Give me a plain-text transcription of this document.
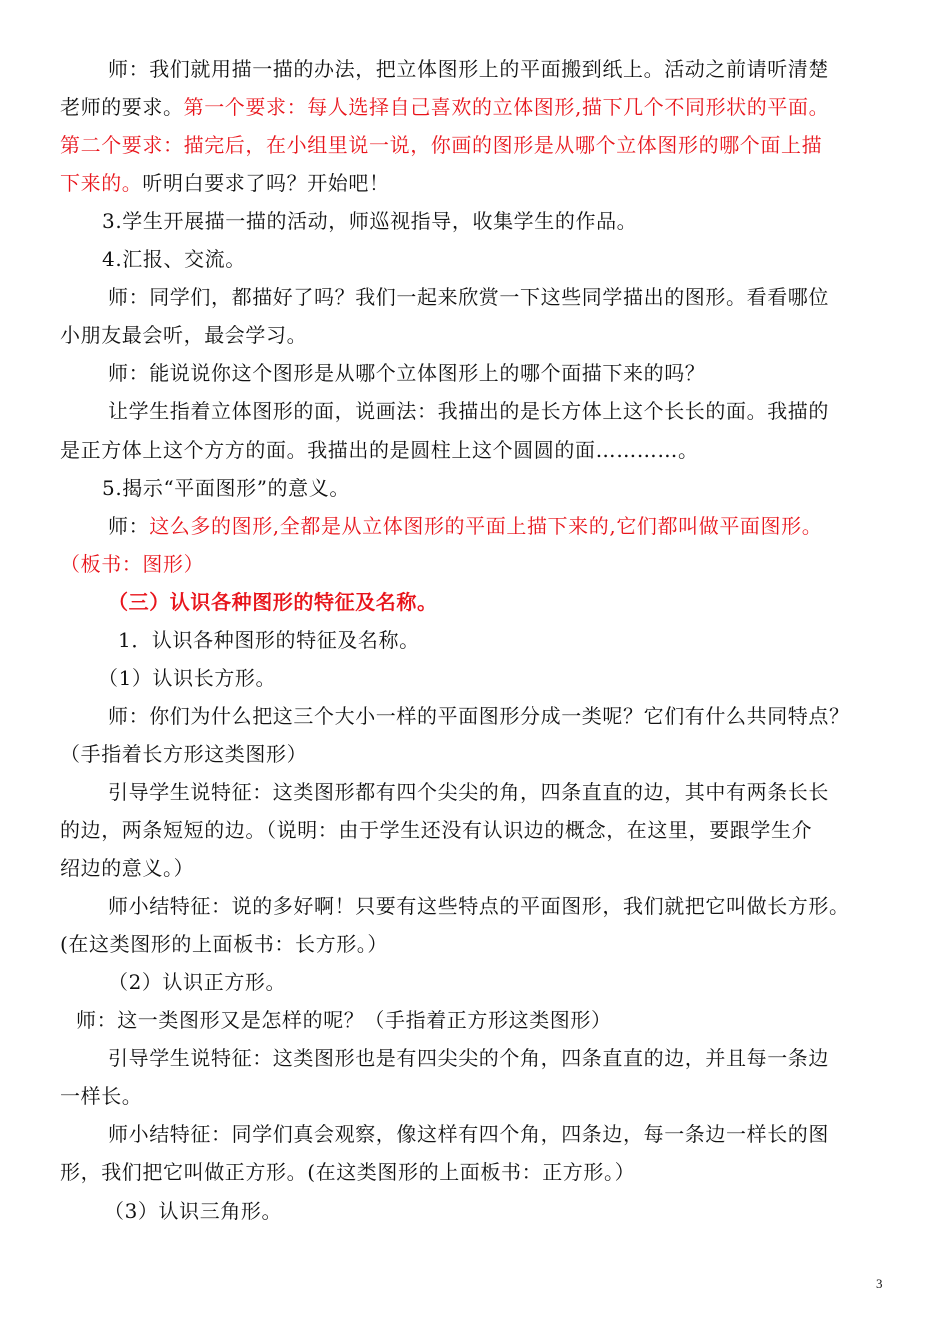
师：我们就用描一描的办法，把立体图形上的平面搬到纸上。活动之前请听清楚
老师的要求。第一个要求：每人选择自己喜欢的立体图形,描下几个不同形状的平面。
第二个要求：描完后，在小组里说一说，你画的图形是从哪个立体图形的哪个面上描
下来的。听明白要求了吗？开始吧！
3.学生开展描一描的活动，师巡视指导，收集学生的作品。
4.汇报、交流。
师：同学们，都描好了吗？我们一起来欣赏一下这些同学描出的图形。看看哪位
小朋友最会听，最会学习。
师：能说说你这个图形是从哪个立体图形上的哪个面描下来的吗？
让学生指着立体图形的面，说画法：我描出的是长方体上这个长长的面。我描的
是正方体上这个方方的面。我描出的是圆柱上这个圆圆的面…………。
5.揭示“平面图形”的意义。
师：这么多的图形,全都是从立体图形的平面上描下来的,它们都叫做平面图形。
（板书：图形）
（三）认识各种图形的特征及名称。
1．认识各种图形的特征及名称。
（1）认识长方形。
师：你们为什么把这三个大小一样的平面图形分成一类呢？它们有什么共同特点？
（手指着长方形这类图形）
引导学生说特征：这类图形都有四个尖尖的角，四条直直的边，其中有两条长长
的边，两条短短的边。（说明：由于学生还没有认识边的概念，在这里，要跟学生介
绍边的意义。）
师小结特征：说的多好啊！只要有这些特点的平面图形，我们就把它叫做长方形。
(在这类图形的上面板书：长方形。）
（2）认识正方形。
师：这一类图形又是怎样的呢？（手指着正方形这类图形）
引导学生说特征：这类图形也是有四尖尖的个角，四条直直的边，并且每一条边
一样长。
师小结特征：同学们真会观察，像这样有四个角，四条边，每一条边一样长的图
形，我们把它叫做正方形。(在这类图形的上面板书：正方形。）
（3）认识三角形。
3
